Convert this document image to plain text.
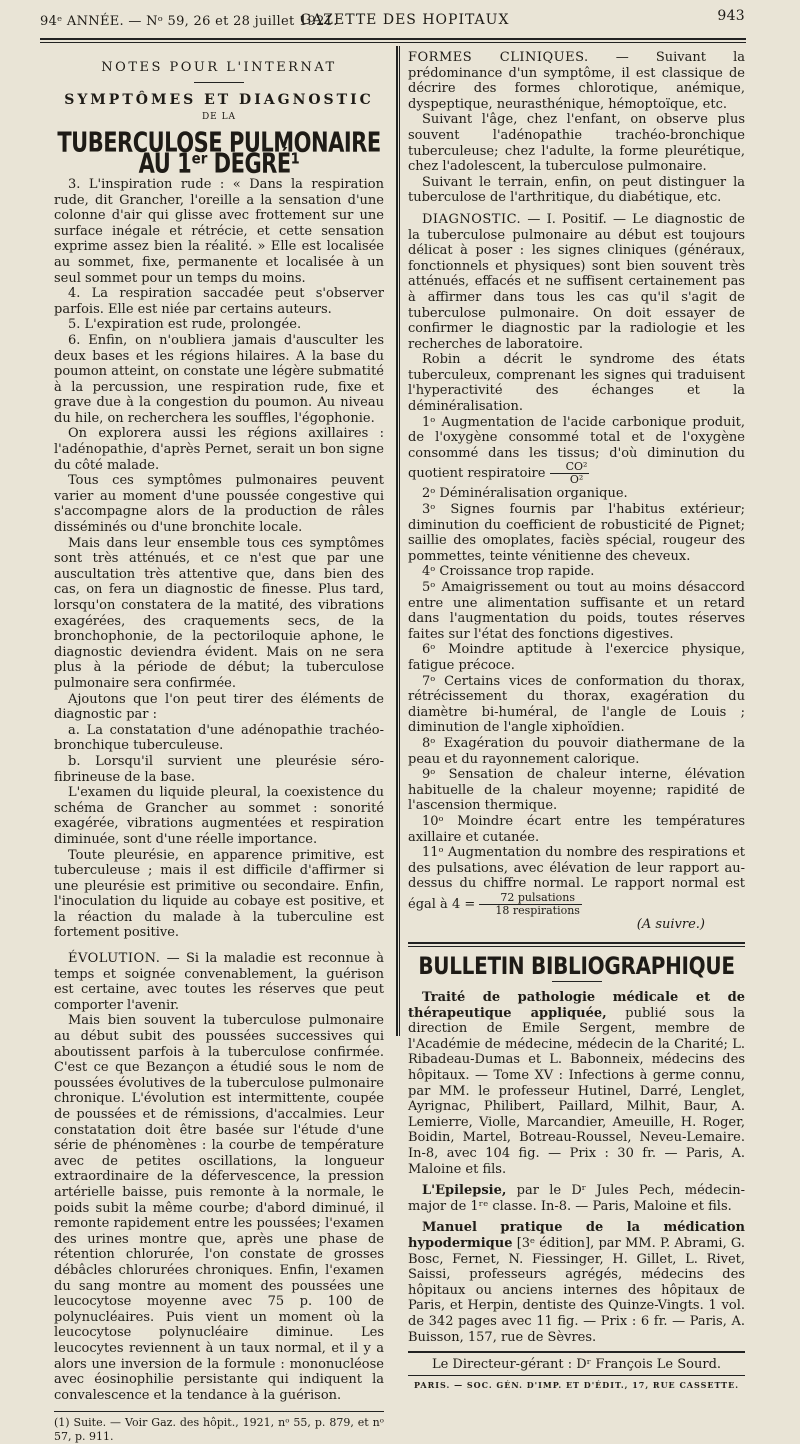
94ᵉ ANNÉE. — Nᵒ 59, 26 et 28 juillet 1921.
GAZETTE DES HOPITAUX	943
NOTES POUR L'INTERNAT
SYMPTÔMES ET DIAGNOSTIC
DE LA
TUBERCULOSE PULMONAIRE AU 1ᵉʳ DEGRÉ¹

3. L'inspiration rude : « Dans la respiration rude, dit Grancher, l'oreille a la sensation d'une colonne d'air qui glisse avec frottement sur une surface inégale et rétrécie, et cette sensation exprime assez bien la réalité. » Elle est localisée au sommet, fixe, permanente et localisée à un seul sommet pour un temps du moins.

4. La respiration saccadée peut s'observer parfois. Elle est niée par certains auteurs.

5. L'expiration est rude, prolongée.

6. Enfin, on n'oubliera jamais d'ausculter les deux bases et les régions hilaires. A la base du poumon atteint, on constate une légère submatité à la percussion, une respiration rude, fixe et grave due à la congestion du poumon. Au niveau du hile, on recherchera les souffles, l'égophonie.

On explorera aussi les régions axillaires : l'adénopathie, d'après Pernet, serait un bon signe du côté malade.

Tous ces symptômes pulmonaires peuvent varier au moment d'une poussée congestive qui s'accompagne alors de la production de râles disséminés ou d'une bronchite locale.

Mais dans leur ensemble tous ces symptômes sont très atténués, et ce n'est que par une auscultation très attentive que, dans bien des cas, on fera un diagnostic de finesse. Plus tard, lorsqu'on constatera de la matité, des vibrations exagérées, des craquements secs, de la bronchophonie, de la pectoriloquie aphone, le diagnostic deviendra évident. Mais on ne sera plus à la période de début; la tuberculose pulmonaire sera confirmée.

Ajoutons que l'on peut tirer des éléments de diagnostic par :

a. La constatation d'une adénopathie trachéo-bronchique tuberculeuse.

b. Lorsqu'il survient une pleurésie séro-fibrineuse de la base.

L'examen du liquide pleural, la coexistence du schéma de Grancher au sommet : sonorité exagérée, vibrations augmentées et respiration diminuée, sont d'une réelle importance.

Toute pleurésie, en apparence primitive, est tuberculeuse ; mais il est difficile d'affirmer si une pleurésie est primitive ou secondaire. Enfin, l'inoculation du liquide au cobaye est positive, et la réaction du malade à la tuberculine est fortement positive.

ÉVOLUTION. — Si la maladie est reconnue à temps et soignée convenablement, la guérison est certaine, avec toutes les réserves que peut comporter l'avenir.

Mais bien souvent la tuberculose pulmonaire au début subit des poussées successives qui aboutissent parfois à la tuberculose confirmée. C'est ce que Bezançon a étudié sous le nom de poussées évolutives de la tuberculose pulmonaire chronique. L'évolution est intermittente, coupée de poussées et de rémissions, d'accalmies. Leur constatation doit être basée sur l'étude d'une série de phénomènes : la courbe de température avec de petites oscillations, la longueur extraordinaire de la défervescence, la pression artérielle baisse, puis remonte à la normale, le poids subit la même courbe; d'abord diminué, il remonte rapidement entre les poussées; l'examen des urines montre que, après une phase de rétention chlorurée, l'on constate de grosses débâcles chlorurées chroniques. Enfin, l'examen du sang montre au moment des poussées une leucocytose moyenne avec 75 p. 100 de polynucléaires. Puis vient un moment où la leucocytose polynucléaire diminue. Les leucocytes reviennent à un taux normal, et il y a alors une inversion de la formule : mononucléose avec éosinophilie persistante qui indiquent la convalescence et la tendance à la guérison.

(1) Suite. — Voir Gaz. des hôpit., 1921, nᵒ 55, p. 879, et nᵒ 57, p. 911.

FORMES CLINIQUES. — Suivant la prédominance d'un symptôme, il est classique de décrire des formes chlorotique, anémique, dyspeptique, neurasthénique, hémoptoïque, etc.

Suivant l'âge, chez l'enfant, on observe plus souvent l'adénopathie trachéo-bronchique tuberculeuse; chez l'adulte, la forme pleurétique, chez l'adolescent, la tuberculose pulmonaire.

Suivant le terrain, enfin, on peut distinguer la tuberculose de l'arthritique, du diabétique, etc.

DIAGNOSTIC. — I. Positif. — Le diagnostic de la tuberculose pulmonaire au début est toujours délicat à poser : les signes cliniques (généraux, fonctionnels et physiques) sont bien souvent très atténués, effacés et ne suffisent certainement pas à affirmer dans tous les cas qu'il s'agit de tuberculose pulmonaire. On doit essayer de confirmer le diagnostic par la radiologie et les recherches de laboratoire.

Robin a décrit le syndrome des états tuberculeux, comprenant les signes qui traduisent l'hyperactivité des échanges et la déminéralisation.

1ᵒ Augmentation de l'acide carbonique produit, de l'oxygène consommé total et de l'oxygène consommé dans les tissus; d'où diminution du quotient respiratoire $\frac{\text{CO²}}{\text{O²}}$

2ᵒ Déminéralisation organique.

3ᵒ Signes fournis par l'habitus extérieur; diminution du coefficient de robusticité de Pignet; saillie des omoplates, faciès spécial, rougeur des pommettes, teinte vénitienne des cheveux.

4ᵒ Croissance trop rapide.

5ᵒ Amaigrissement ou tout au moins désaccord entre une alimentation suffisante et un retard dans l'augmentation du poids, toutes réserves faites sur l'état des fonctions digestives.

6ᵒ Moindre aptitude à l'exercice physique, fatigue précoce.

7ᵒ Certains vices de conformation du thorax, rétrécissement du thorax, exagération du diamètre bi-huméral, de l'angle de Louis ; diminution de l'angle xiphoïdien.

8ᵒ Exagération du pouvoir diathermane de la peau et du rayonnement calorique.

9ᵒ Sensation de chaleur interne, élévation habituelle de la chaleur moyenne; rapidité de l'ascension thermique.

10ᵒ Moindre écart entre les températures axillaire et cutanée.

11ᵒ Augmentation du nombre des respirations et des pulsations, avec élévation de leur rapport au-dessus du chiffre normal. Le rapport normal est égal à $4 = \frac{\text{72 pulsations}}{\text{18 respirations}}$

(A suivre.)

BULLETIN BIBLIOGRAPHIQUE

Traité de pathologie médicale et de thérapeutique appliquée, publié sous la direction de Emile Sergent, membre de l'Académie de médecine, médecin de la Charité; L. Ribadeau-Dumas et L. Babonneix, médecins des hôpitaux. — Tome XV : Infections à germe connu, par MM. le professeur Hutinel, Darré, Lenglet, Ayrignac, Philibert, Paillard, Milhit, Baur, A. Lemierre, Violle, Marcandier, Ameuille, H. Roger, Boidin, Martel, Botreau-Roussel, Neveu-Lemaire. In-8, avec 104 fig. — Prix : 30 fr. — Paris, A. Maloine et fils.

L'Epilepsie, par le Dʳ Jules Pech, médecin-major de 1ʳᵉ classe. In-8. — Paris, Maloine et fils.

Manuel pratique de la médication hypodermique [3ᵉ édition], par MM. P. Abrami, G. Bosc, Fernet, N. Fiessinger, H. Gillet, L. Rivet, Saissi, professeurs agrégés, médecins des hôpitaux ou anciens internes des hôpitaux de Paris, et Herpin, dentiste des Quinze-Vingts. 1 vol. de 342 pages avec 11 fig. — Prix : 6 fr. — Paris, A. Buisson, 157, rue de Sèvres.

Le Directeur-gérant : Dʳ François Le Sourd.
PARIS. — SOC. GÉN. D'IMP. ET D'ÉDIT., 17, RUE CASSETTE.
